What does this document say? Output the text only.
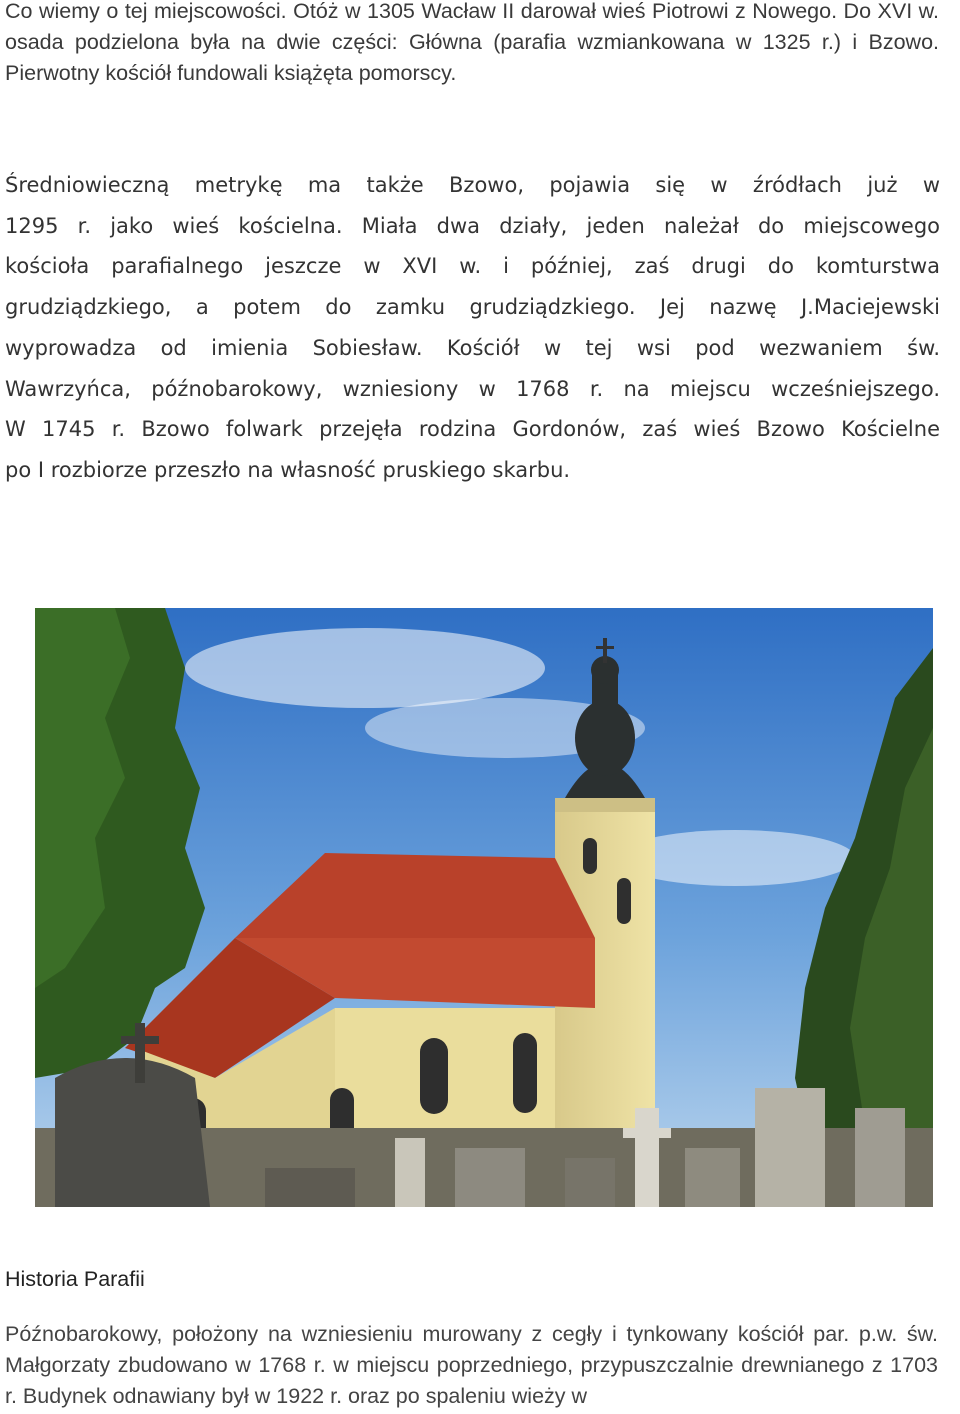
Co wiemy o tej miejscowości. Otóż w 1305 Wacław II darował wieś Piotrowi z Nowego. Do XVI w. osada podzielona była na dwie części: Główna (parafia wzmiankowana w 1325 r.) i Bzowo. Pierwotny kościół fundowali książęta pomorscy.

Średniowieczną metrykę ma także Bzowo, pojawia się w źródłach już w
1295 r. jako wieś kościelna. Miała dwa działy, jeden należał do miejscowego
kościoła parafialnego jeszcze w XVI w. i później, zaś drugi do komturstwa
grudziądzkiego, a potem do zamku grudziądzkiego. Jej nazwę J.Maciejewski
wyprowadza od imienia Sobiesław. Kościół w tej wsi pod wezwaniem św.
Wawrzyńca, późnobarokowy, wzniesiony w 1768 r. na miejscu wcześniejszego.
W 1745 r. Bzowo folwark przejęła rodzina Gordonów, zaś wieś Bzowo Kościelne
po I rozbiorze przeszło na własność pruskiego skarbu.

Historia Parafii

Późnobarokowy, położony na wzniesieniu murowany z cegły i tynkowany kościół par. p.w. św. Małgorzaty zbudowano w 1768 r. w miejscu poprzedniego, przypuszczalnie drewnianego z 1703 r. Budynek odnawiany był w 1922 r. oraz po spaleniu wieży w
